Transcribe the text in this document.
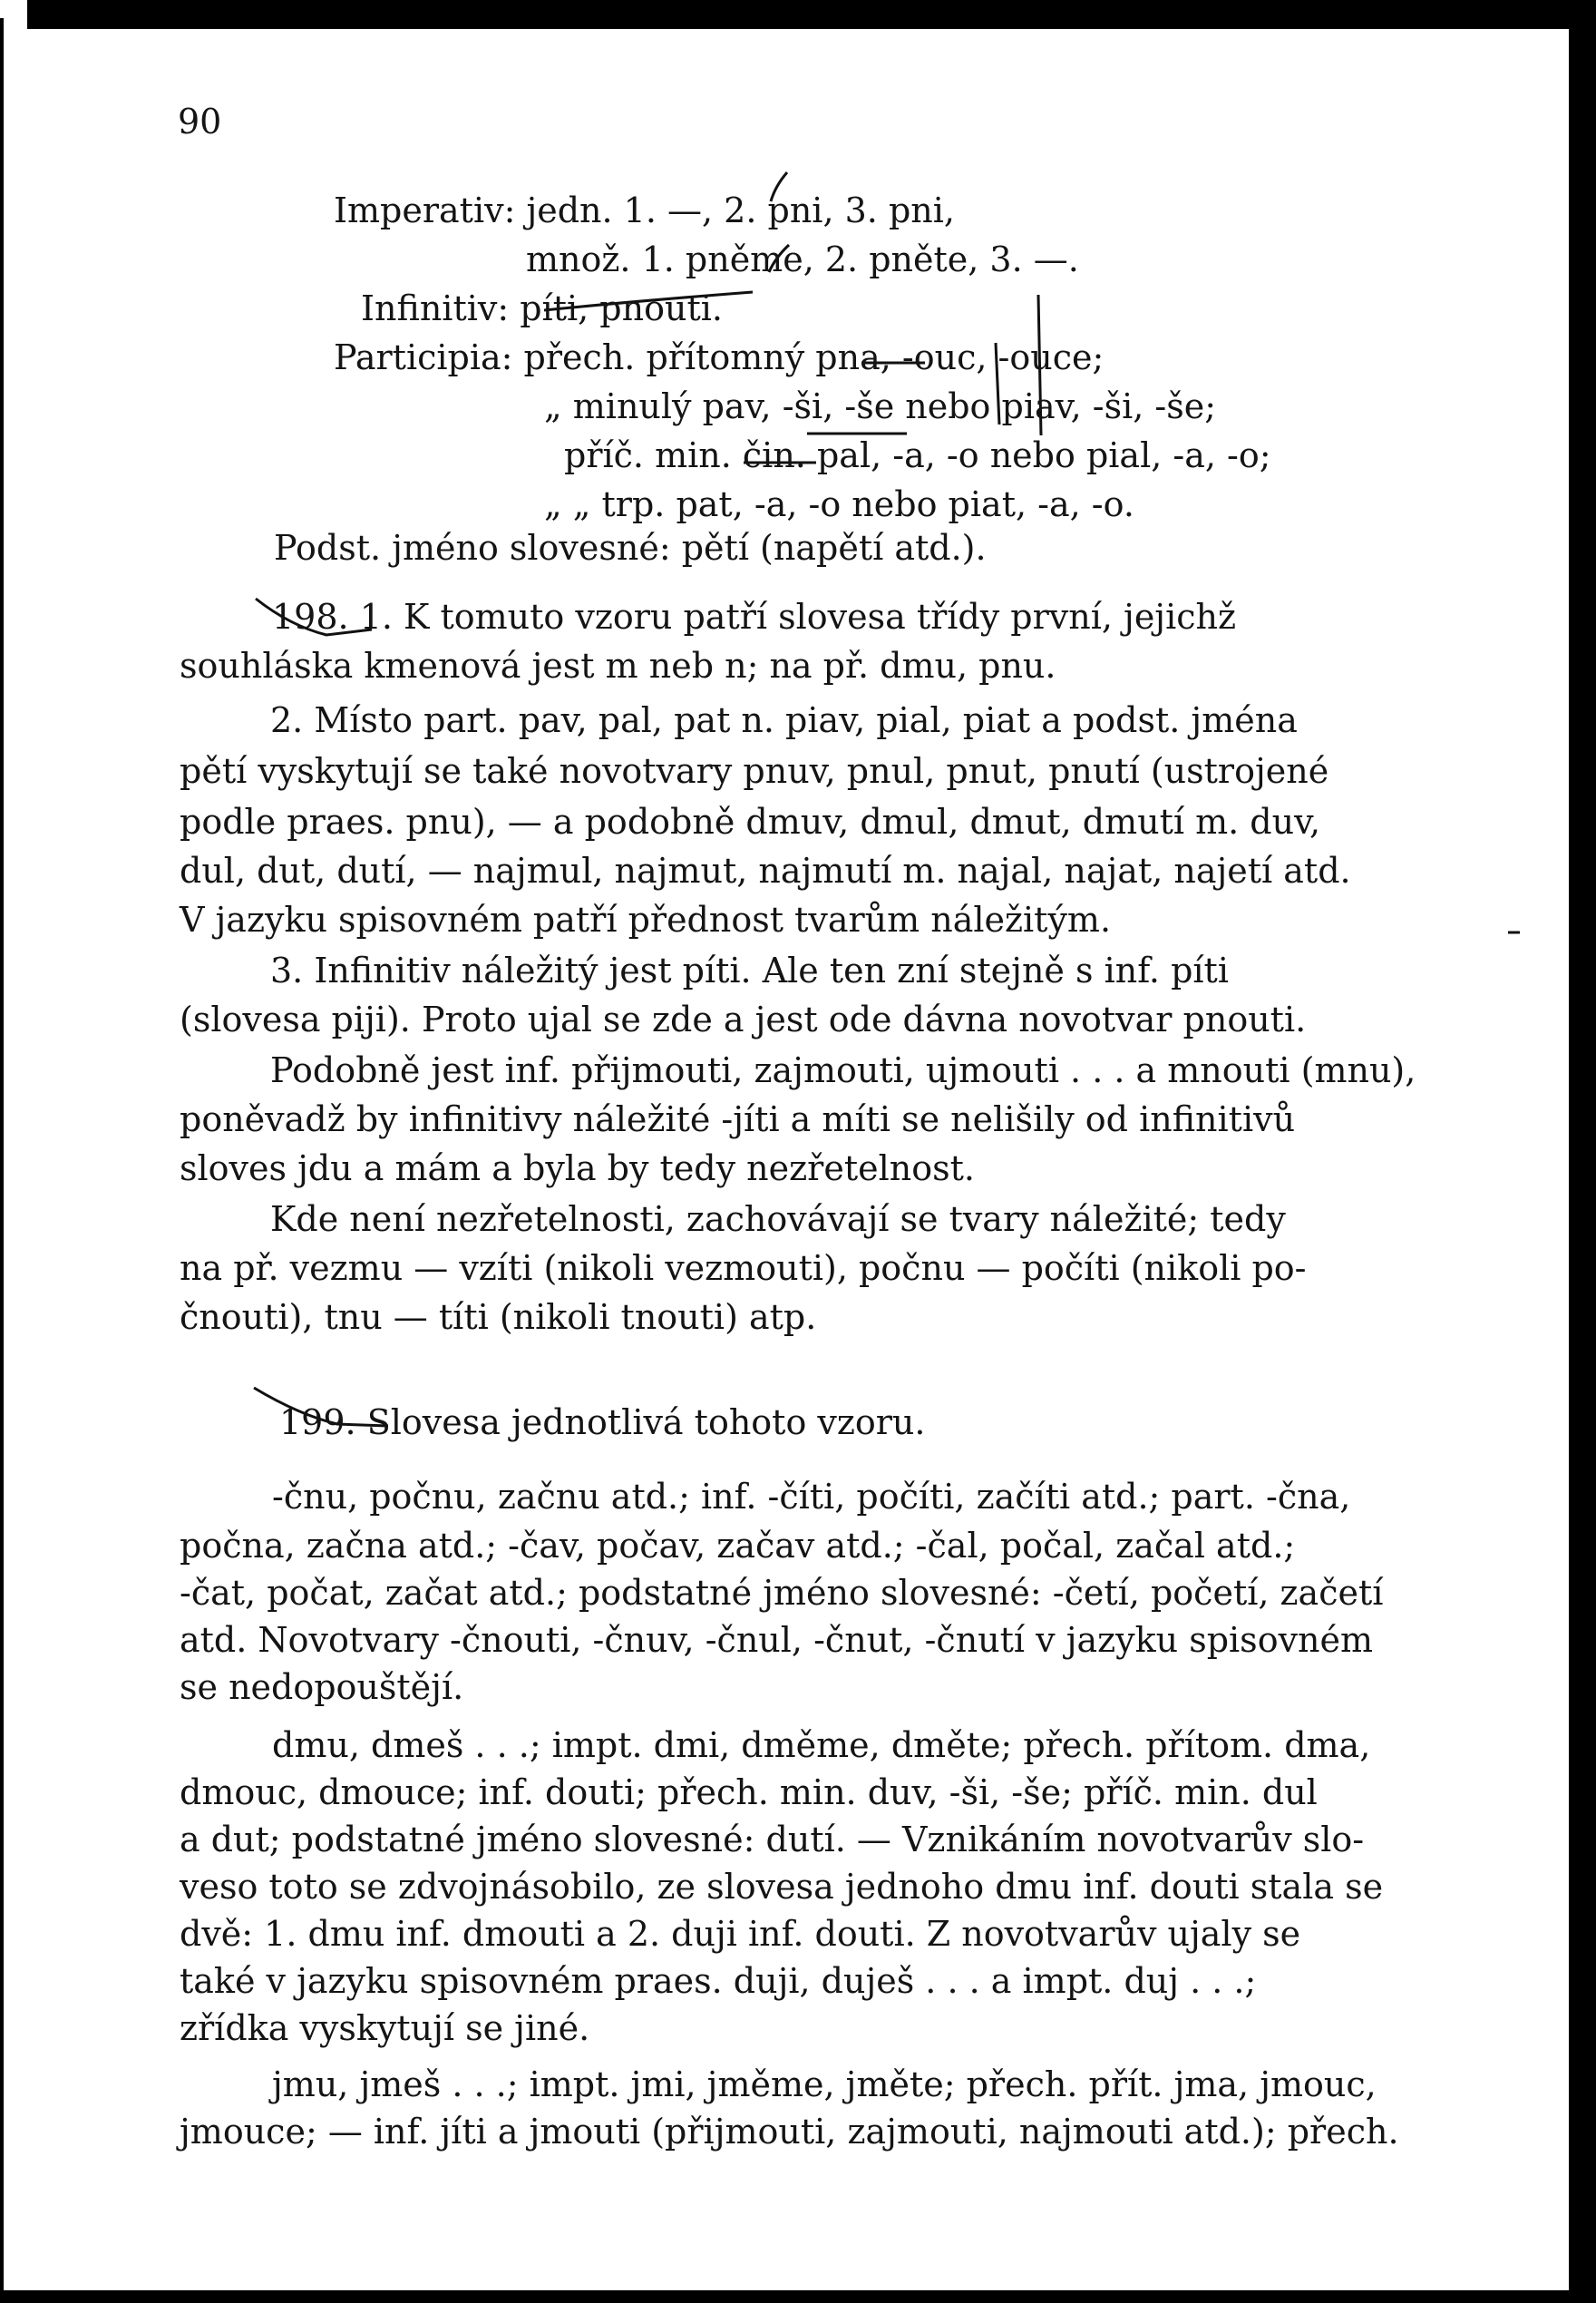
90
Imperativ: jedn. 1. —, 2. pni, 3. pni,
množ. 1. pněme, 2. pněte, 3. —.
Infinitiv: píti, pnouti.
Participia: přech. přítomný pna, -ouc, -ouce;
„ minulý pav, -ši, -še nebo piav, -ši, -še;
příč. min. čin. pal, -a, -o nebo pial, -a, -o;
„ „ trp. pat, -a, -o nebo piat, -a, -o.
Podst. jméno slovesné: pětí (napětí atd.).
198. 1. K tomuto vzoru patří slovesa třídy první, jejichž
souhláska kmenová jest m neb n; na př. dmu, pnu.
2. Místo part. pav, pal, pat n. piav, pial, piat a podst. jména
pětí vyskytují se také novotvary pnuv, pnul, pnut, pnutí (ustrojené
podle praes. pnu), — a podobně dmuv, dmul, dmut, dmutí m. duv,
dul, dut, dutí, — najmul, najmut, najmutí m. najal, najat, najetí atd.
V jazyku spisovném patří přednost tvarům náležitým.
3. Infinitiv náležitý jest píti. Ale ten zní stejně s inf. píti
(slovesa piji). Proto ujal se zde a jest ode dávna novotvar pnouti.
Podobně jest inf. přijmouti, zajmouti, ujmouti . . . a mnouti (mnu),
poněvadž by infinitivy náležité -jíti a míti se nelišily od infinitivů
sloves jdu a mám a byla by tedy nezřetelnost.
Kde není nezřetelnosti, zachovávají se tvary náležité; tedy
na př. vezmu — vzíti (nikoli vezmouti), počnu — počíti (nikoli po-
čnouti), tnu — títi (nikoli tnouti) atp.
199. Slovesa jednotlivá tohoto vzoru.
-čnu, počnu, začnu atd.; inf. -číti, počíti, začíti atd.; part. -čna,
počna, začna atd.; -čav, počav, začav atd.; -čal, počal, začal atd.;
-čat, počat, začat atd.; podstatné jméno slovesné: -četí, početí, začetí
atd. Novotvary -čnouti, -čnuv, -čnul, -čnut, -čnutí v jazyku spisovném
se nedopouštějí.
dmu, dmeš . . .; impt. dmi, dměme, dměte; přech. přítom. dma,
dmouc, dmouce; inf. douti; přech. min. duv, -ši, -še; příč. min. dul
a dut; podstatné jméno slovesné: dutí. — Vznikáním novotvarův slo-
veso toto se zdvojnásobilo, ze slovesa jednoho dmu inf. douti stala se
dvě: 1. dmu inf. dmouti a 2. duji inf. douti. Z novotvarův ujaly se
také v jazyku spisovném praes. duji, duješ . . . a impt. duj . . .;
zřídka vyskytují se jiné.
jmu, jmeš . . .; impt. jmi, jměme, jměte; přech. přít. jma, jmouc,
jmouce; — inf. jíti a jmouti (přijmouti, zajmouti, najmouti atd.); přech.
